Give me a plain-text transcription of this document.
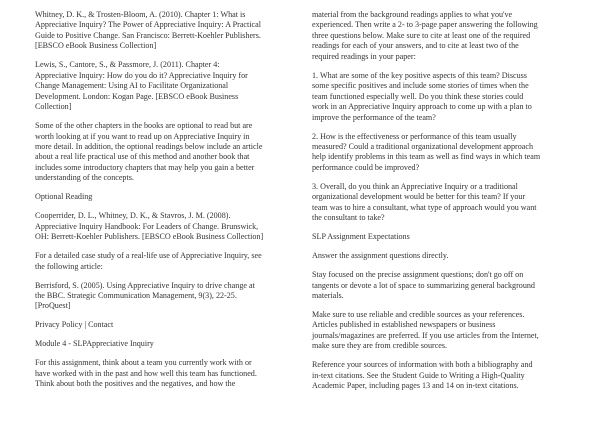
Whitney, D. K., & Trosten-Bloom, A. (2010). Chapter 1: What is
Appreciative Inquiry? The Power of Appreciative Inquiry: A Practical
Guide to Positive Change. San Francisco: Berrett-Koehler Publishers.
[EBSCO eBook Business Collection]

Lewis, S., Cantore, S., & Passmore, J. (2011). Chapter 4:
Appreciative Inquiry: How do you do it? Appreciative Inquiry for
Change Management: Using AI to Facilitate Organizational
Development. London: Kogan Page. [EBSCO eBook Business
Collection]

Some of the other chapters in the books are optional to read but are
worth looking at if you want to read up on Appreciative Inquiry in
more detail. In addition, the optional readings below include an article
about a real life practical use of this method and another book that
includes some introductory chapters that may help you gain a better
understanding of the concepts.

Optional Reading

Cooperrider, D. L., Whitney, D. K., & Stavros, J. M. (2008).
Appreciative Inquiry Handbook: For Leaders of Change. Brunswick,
OH: Berrett-Koehler Publishers. [EBSCO eBook Business Collection]

For a detailed case study of a real-life use of Appreciative Inquiry, see
the following article:

Berrisford, S. (2005). Using Appreciative Inquiry to drive change at
the BBC. Strategic Communication Management, 9(3), 22-25.
[ProQuest]

Privacy Policy | Contact

Module 4 - SLPAppreciative Inquiry

For this assignment, think about a team you currently work with or
have worked with in the past and how well this team has functioned.
Think about both the positives and the negatives, and how the

material from the background readings applies to what you've
experienced. Then write a 2- to 3-page paper answering the following
three questions below. Make sure to cite at least one of the required
readings for each of your answers, and to cite at least two of the
required readings in your paper:

1. What are some of the key positive aspects of this team? Discuss
some specific positives and include some stories of times when the
team functioned especially well. Do you think these stories could
work in an Appreciative Inquiry approach to come up with a plan to
improve the performance of the team?

2. How is the effectiveness or performance of this team usually
measured? Could a traditional organizational development approach
help identify problems in this team as well as find ways in which team
performance could be improved?

3. Overall, do you think an Appreciative Inquiry or a traditional
organizational development would be better for this team? If your
team was to hire a consultant, what type of approach would you want
the consultant to take?

SLP Assignment Expectations

Answer the assignment questions directly.

Stay focused on the precise assignment questions; don't go off on
tangents or devote a lot of space to summarizing general background
materials.

Make sure to use reliable and credible sources as your references.
Articles published in established newspapers or business
journals/magazines are preferred. If you use articles from the Internet,
make sure they are from credible sources.

Reference your sources of information with both a bibliography and
in-text citations. See the Student Guide to Writing a High-Quality
Academic Paper, including pages 13 and 14 on in-text citations.
